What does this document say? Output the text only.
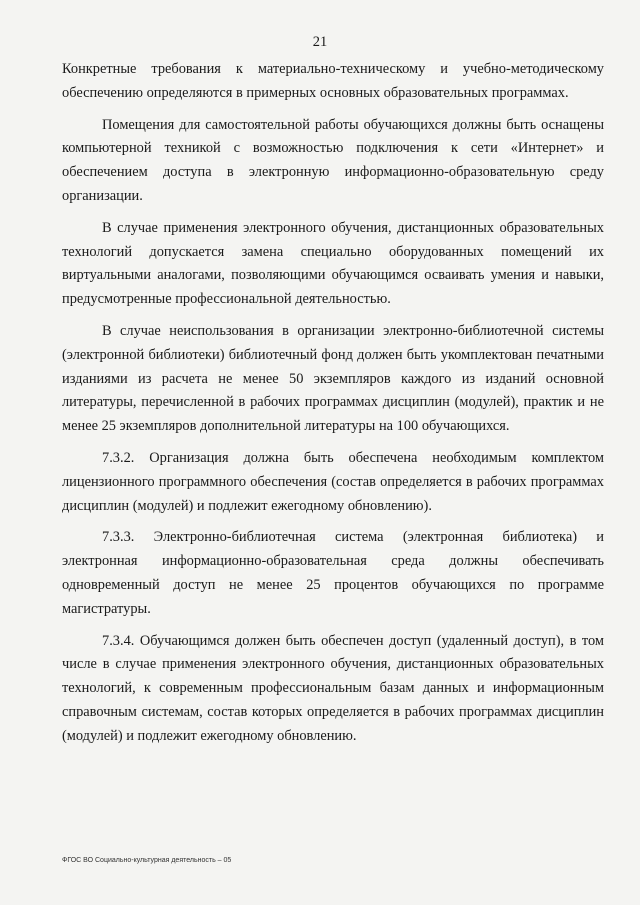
21

Конкретные требования к материально-техническому и учебно-методическому обеспечению определяются в примерных основных образовательных программах.

Помещения для самостоятельной работы обучающихся должны быть оснащены компьютерной техникой с возможностью подключения к сети «Интернет» и обеспечением доступа в электронную информационно-образовательную среду организации.

В случае применения электронного обучения, дистанционных образовательных технологий допускается замена специально оборудованных помещений их виртуальными аналогами, позволяющими обучающимся осваивать умения и навыки, предусмотренные профессиональной деятельностью.

В случае неиспользования в организации электронно-библиотечной системы (электронной библиотеки) библиотечный фонд должен быть укомплектован печатными изданиями из расчета не менее 50 экземпляров каждого из изданий основной литературы, перечисленной в рабочих программах дисциплин (модулей), практик и не менее 25 экземпляров дополнительной литературы на 100 обучающихся.

7.3.2. Организация должна быть обеспечена необходимым комплектом лицензионного программного обеспечения (состав определяется в рабочих программах дисциплин (модулей) и подлежит ежегодному обновлению).

7.3.3. Электронно-библиотечная система (электронная библиотека) и электронная информационно-образовательная среда должны обеспечивать одновременный доступ не менее 25 процентов обучающихся по программе магистратуры.

7.3.4. Обучающимся должен быть обеспечен доступ (удаленный доступ), в том числе в случае применения электронного обучения, дистанционных образовательных технологий, к современным профессиональным базам данных и информационным справочным системам, состав которых определяется в рабочих программах дисциплин (модулей) и подлежит ежегодному обновлению.

ФГОС ВО Социально-культурная деятельность – 05
